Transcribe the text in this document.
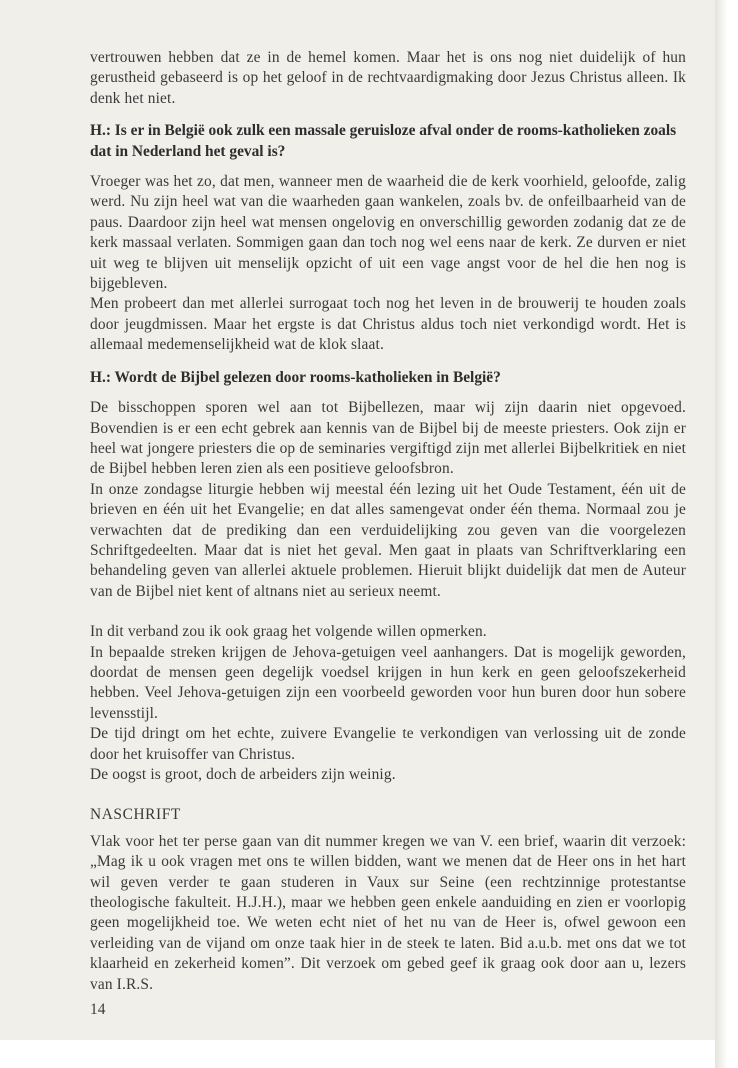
vertrouwen hebben dat ze in de hemel komen. Maar het is ons nog niet duidelijk of hun gerustheid gebaseerd is op het geloof in de rechtvaardigmaking door Jezus Christus alleen. Ik denk het niet.

H.: Is er in België ook zulk een massale geruisloze afval onder de rooms-katholieken zoals dat in Nederland het geval is?

Vroeger was het zo, dat men, wanneer men de waarheid die de kerk voorhield, geloofde, zalig werd. Nu zijn heel wat van die waarheden gaan wankelen, zoals bv. de onfeilbaarheid van de paus. Daardoor zijn heel wat mensen ongelovig en onverschillig geworden zodanig dat ze de kerk massaal verlaten. Sommigen gaan dan toch nog wel eens naar de kerk. Ze durven er niet uit weg te blijven uit menselijk opzicht of uit een vage angst voor de hel die hen nog is bijgebleven.

Men probeert dan met allerlei surrogaat toch nog het leven in de brouwerij te houden zoals door jeugdmissen. Maar het ergste is dat Christus aldus toch niet verkondigd wordt. Het is allemaal medemenselijkheid wat de klok slaat.

H.: Wordt de Bijbel gelezen door rooms-katholieken in België?

De bisschoppen sporen wel aan tot Bijbellezen, maar wij zijn daarin niet opgevoed. Bovendien is er een echt gebrek aan kennis van de Bijbel bij de meeste priesters. Ook zijn er heel wat jongere priesters die op de seminaries vergiftigd zijn met allerlei Bijbelkritiek en niet de Bijbel hebben leren zien als een positieve geloofsbron.

In onze zondagse liturgie hebben wij meestal één lezing uit het Oude Testament, één uit de brieven en één uit het Evangelie; en dat alles samengevat onder één thema. Normaal zou je verwachten dat de prediking dan een verduidelijking zou geven van die voorgelezen Schriftgedeelten. Maar dat is niet het geval. Men gaat in plaats van Schriftverklaring een behandeling geven van allerlei aktuele problemen. Hieruit blijkt duidelijk dat men de Auteur van de Bijbel niet kent of altnans niet au serieux neemt.

In dit verband zou ik ook graag het volgende willen opmerken.

In bepaalde streken krijgen de Jehova-getuigen veel aanhangers. Dat is mogelijk geworden, doordat de mensen geen degelijk voedsel krijgen in hun kerk en geen geloofszekerheid hebben. Veel Jehova-getuigen zijn een voorbeeld geworden voor hun buren door hun sobere levensstijl.

De tijd dringt om het echte, zuivere Evangelie te verkondigen van verlossing uit de zonde door het kruisoffer van Christus.

De oogst is groot, doch de arbeiders zijn weinig.

NASCHRIFT

Vlak voor het ter perse gaan van dit nummer kregen we van V. een brief, waarin dit verzoek: „Mag ik u ook vragen met ons te willen bidden, want we menen dat de Heer ons in het hart wil geven verder te gaan studeren in Vaux sur Seine (een rechtzinnige protestantse theologische fakulteit. H.J.H.), maar we hebben geen enkele aanduiding en zien er voorlopig geen mogelijkheid toe. We weten echt niet of het nu van de Heer is, ofwel gewoon een verleiding van de vijand om onze taak hier in de steek te laten. Bid a.u.b. met ons dat we tot klaarheid en zekerheid komen”. Dit verzoek om gebed geef ik graag ook door aan u, lezers van I.R.S.

14
